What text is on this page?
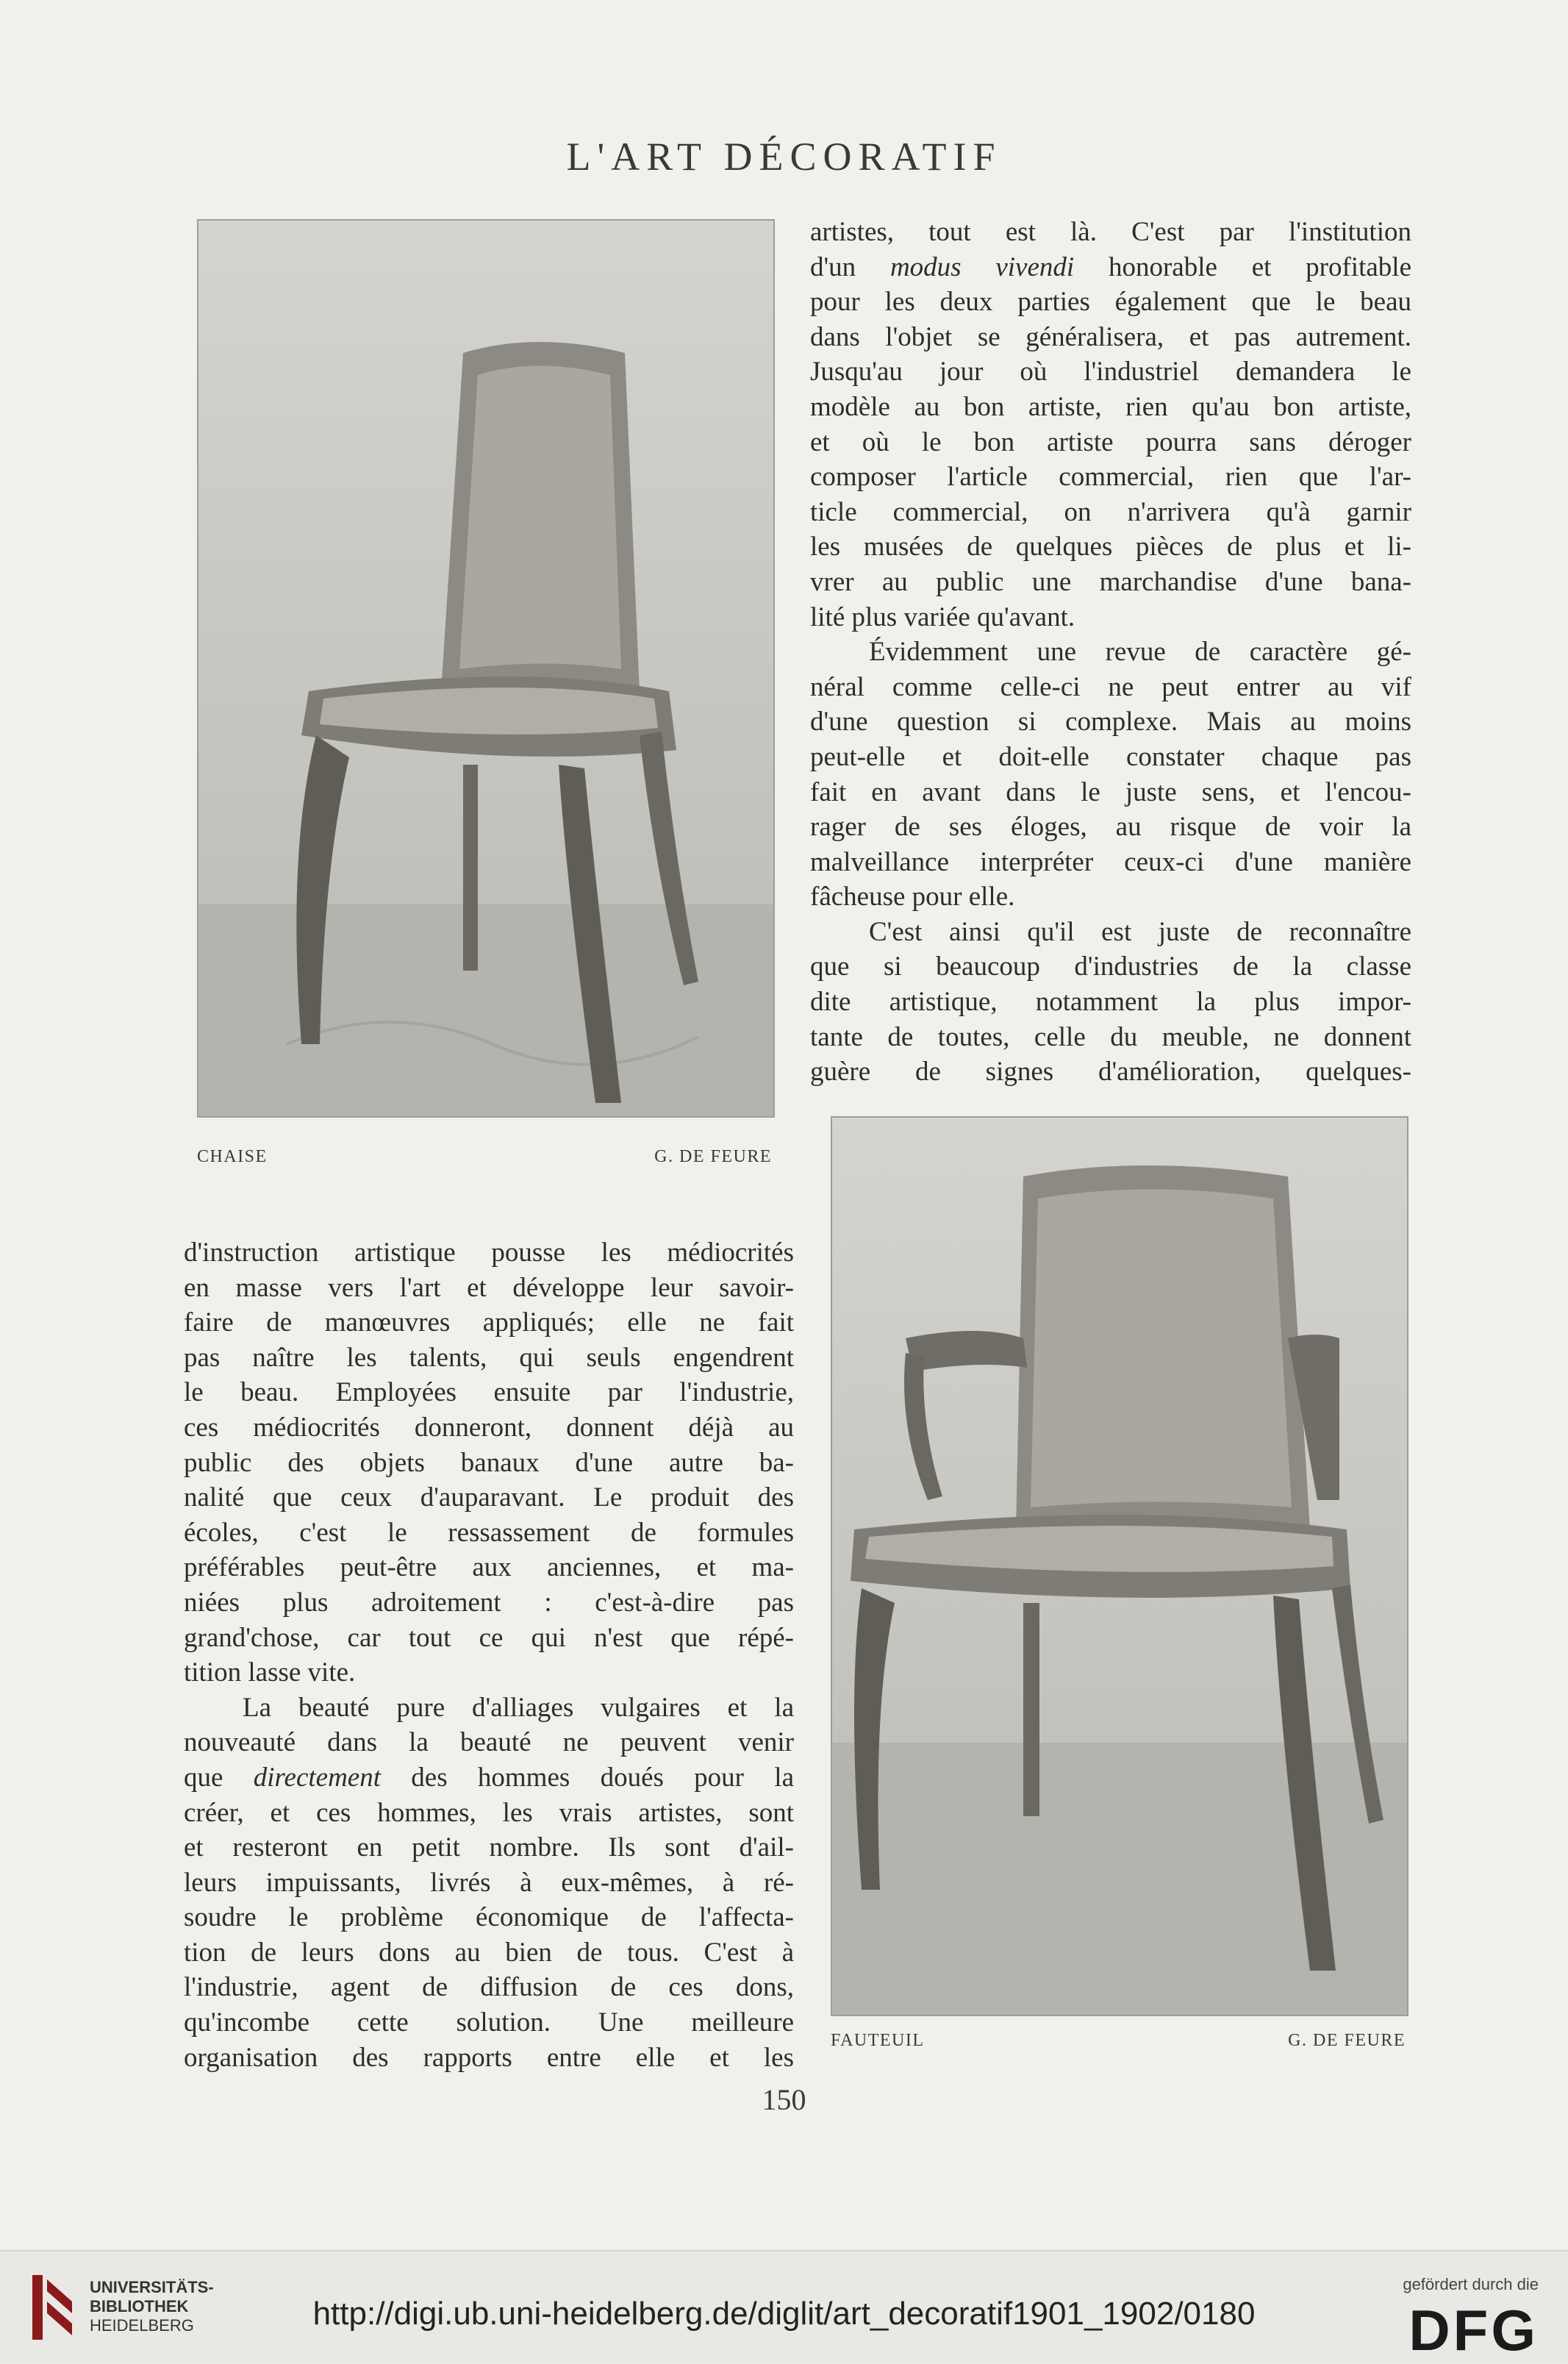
L'ART DÉCORATIF
CHAISE	G. DE FEURE
FAUTEUIL	G. DE FEURE
artistes, tout est là. C'est par l'institution
d'un modus vivendi honorable et profitable
pour les deux parties également que le beau
dans l'objet se généralisera, et pas autrement.
Jusqu'au jour où l'industriel demandera le
modèle au bon artiste, rien qu'au bon artiste,
et où le bon artiste pourra sans déroger
composer l'article commercial, rien que l'ar-
ticle commercial, on n'arrivera qu'à garnir
les musées de quelques pièces de plus et li-
vrer au public une marchandise d'une bana-
lité plus variée qu'avant.
Évidemment une revue de caractère gé-
néral comme celle-ci ne peut entrer au vif
d'une question si complexe. Mais au moins
peut-elle et doit-elle constater chaque pas
fait en avant dans le juste sens, et l'encou-
rager de ses éloges, au risque de voir la
malveillance interpréter ceux-ci d'une manière
fâcheuse pour elle.
C'est ainsi qu'il est juste de reconnaître
que si beaucoup d'industries de la classe
dite artistique, notamment la plus impor-
tante de toutes, celle du meuble, ne donnent
guère de signes d'amélioration, quelques-
d'instruction artistique pousse les médiocrités
en masse vers l'art et développe leur savoir-
faire de manœuvres appliqués; elle ne fait
pas naître les talents, qui seuls engendrent
le beau. Employées ensuite par l'industrie,
ces médiocrités donneront, donnent déjà au
public des objets banaux d'une autre ba-
nalité que ceux d'auparavant. Le produit des
écoles, c'est le ressassement de formules
préférables peut-être aux anciennes, et ma-
niées plus adroitement : c'est-à-dire pas
grand'chose, car tout ce qui n'est que répé-
tition lasse vite.
La beauté pure d'alliages vulgaires et la
nouveauté dans la beauté ne peuvent venir
que directement des hommes doués pour la
créer, et ces hommes, les vrais artistes, sont
et resteront en petit nombre. Ils sont d'ail-
leurs impuissants, livrés à eux-mêmes, à ré-
soudre le problème économique de l'affecta-
tion de leurs dons au bien de tous. C'est à
l'industrie, agent de diffusion de ces dons,
qu'incombe cette solution. Une meilleure
organisation des rapports entre elle et les
150
UNIVERSITÄTS-
BIBLIOTHEK
HEIDELBERG	http://digi.ub.uni-heidelberg.de/diglit/art_decoratif1901_1902/0180
gefördert durch die
DFG
